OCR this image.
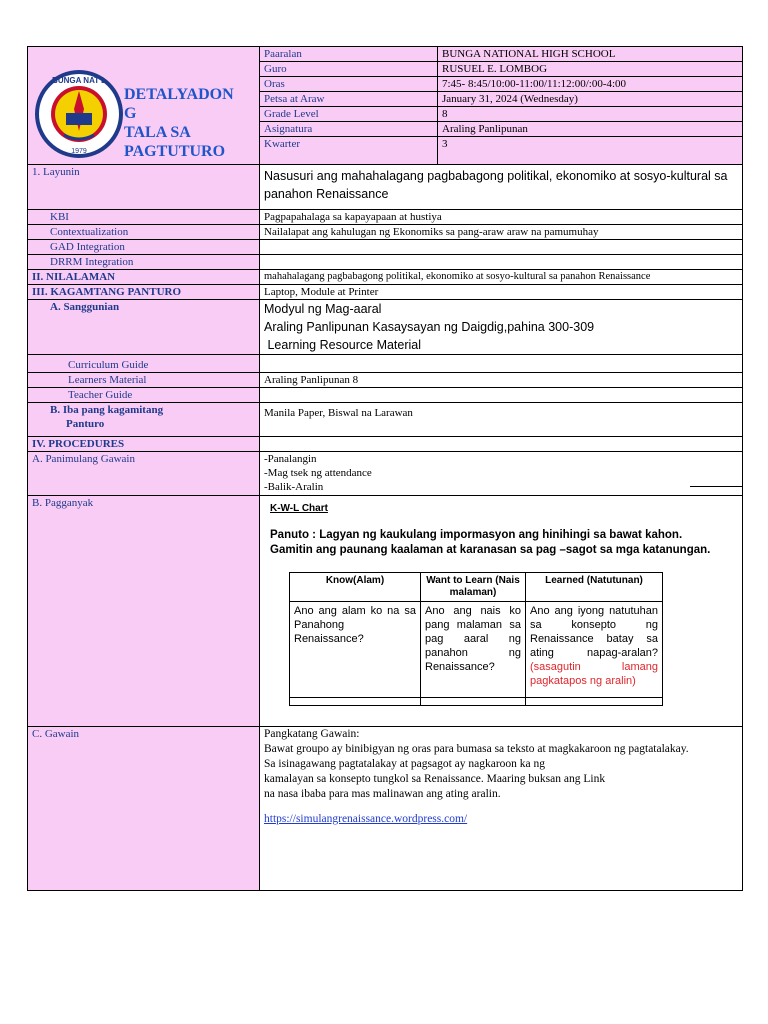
BUNGA NAT'L
1979
DETALYADON
G
TALA SA
PAGTUTURO
	Paaralan	BUNGA NATIONAL HIGH SCHOOL
Guro	RUSUEL E. LOMBOG
Oras	7:45- 8:45/10:00-11:00/11:12:00/:00-4:00
Petsa at Araw	January 31, 2024 (Wednesday)
Grade Level	8
Asignatura	Araling Panlipunan
Kwarter	3
1. Layunin	Nasusuri ang mahahalagang pagbabagong politikal, ekonomiko at sosyo-kultural sa panahon Renaissance
KBI	Pagpapahalaga sa kapayapaan at hustiya
Contextualization	Nailalapat ang kahulugan ng Ekonomiks sa pang-araw araw na pamumuhay
GAD Integration	
DRRM Integration	
II. NILALAMAN	mahahalagang pagbabagong politikal, ekonomiko at sosyo-kultural sa panahon Renaissance
III. KAGAMTANG PANTURO	Laptop, Module at Printer
A. Sanggunian	Modyul ng Mag-aaral
Araling Panlipunan Kasaysayan ng Daigdig,pahina 300-309
Learning Resource Material

Curriculum Guide	
Learners Material	Araling Panlipunan 8
Teacher Guide	

B. Iba pang kagamitang
Panturo
	Manila Paper, Biswal na Larawan
IV. PROCEDURES	
A. Panimulang Gawain	-Panalangin
-Mag tsek ng attendance
-Balik-Aralin

B. Pagganyak	K-W-L Chart
Panuto : Lagyan ng kaukulang impormasyon ang hinihingi sa bawat kahon. Gamitin ang paunang kaalaman at karanasan sa pag –sagot sa mga katanungan.
Know(Alam)	Want to Learn (Nais malaman)	Learned (Natutunan)
Ano ang alam ko na sa Panahong Renaissance?	Ano ang nais ko pang malaman sa pag aaral ng panahon ng Renaissance?	Ano ang iyong natutuhan sa konsepto ng Renaissance batay sa ating napag-aralan? (sasagutin lamang pagkatapos ng aralin)

C. Gawain	Pangkatang Gawain:
Bawat groupo ay binibigyan ng oras para bumasa sa teksto at magkakaroon ng pagtatalakay.
Sa isinagawang pagtatalakay at pagsagot ay nagkaroon ka ng
kamalayan sa konsepto tungkol sa Renaissance. Maaring buksan ang Link
na nasa ibaba para mas malinawan ang ating aralin.
https://simulangrenaissance.wordpress.com/
